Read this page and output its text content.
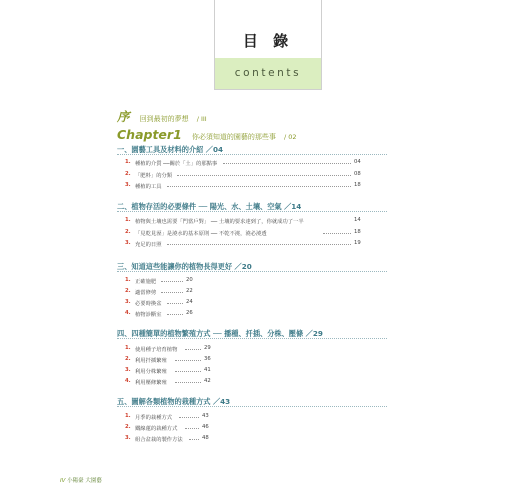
目 錄
contents
序 回到最初的夢想 / III
Chapter1 你必須知道的園藝的那些事 / 02
一、園藝工具及材料的介紹 ／04
1. 種植的介質 ──關於「土」的那點事	04
2. 「肥料」的分類	08
3. 種植的工具	18
二、植物存活的必要條件 ── 陽光、水、土壤、空氣 ／14
1. 植物與土壤也需要「門當戶對」 ── 土壤的要求達到了，你就成功了一半	14
2. 「見乾見溼」是澆水的基本原則 ── 不乾不澆，澆必澆透	18
3. 充足的日照	19
三、知道這些能讓你的植物長得更好 ／20
1. 正確施肥	20
2. 適當修剪	22
3. 必要時換盆	24
4. 植物診斷室	26
四、四種簡單的植物繁殖方式 ── 播種、扦插、分株、壓條 ／29
1. 使用種子培育植物	29
2. 利用扦插繁殖	36
3. 利用分株繁殖	41
4. 利用壓條繁殖	42
五、圖解各類植物的栽種方式 ／43
1. 月季的栽種方式	43
2. 鐵線蓮的栽種方式	46
3. 組合盆栽的製作方法	48
IV 小陽臺 大園藝
